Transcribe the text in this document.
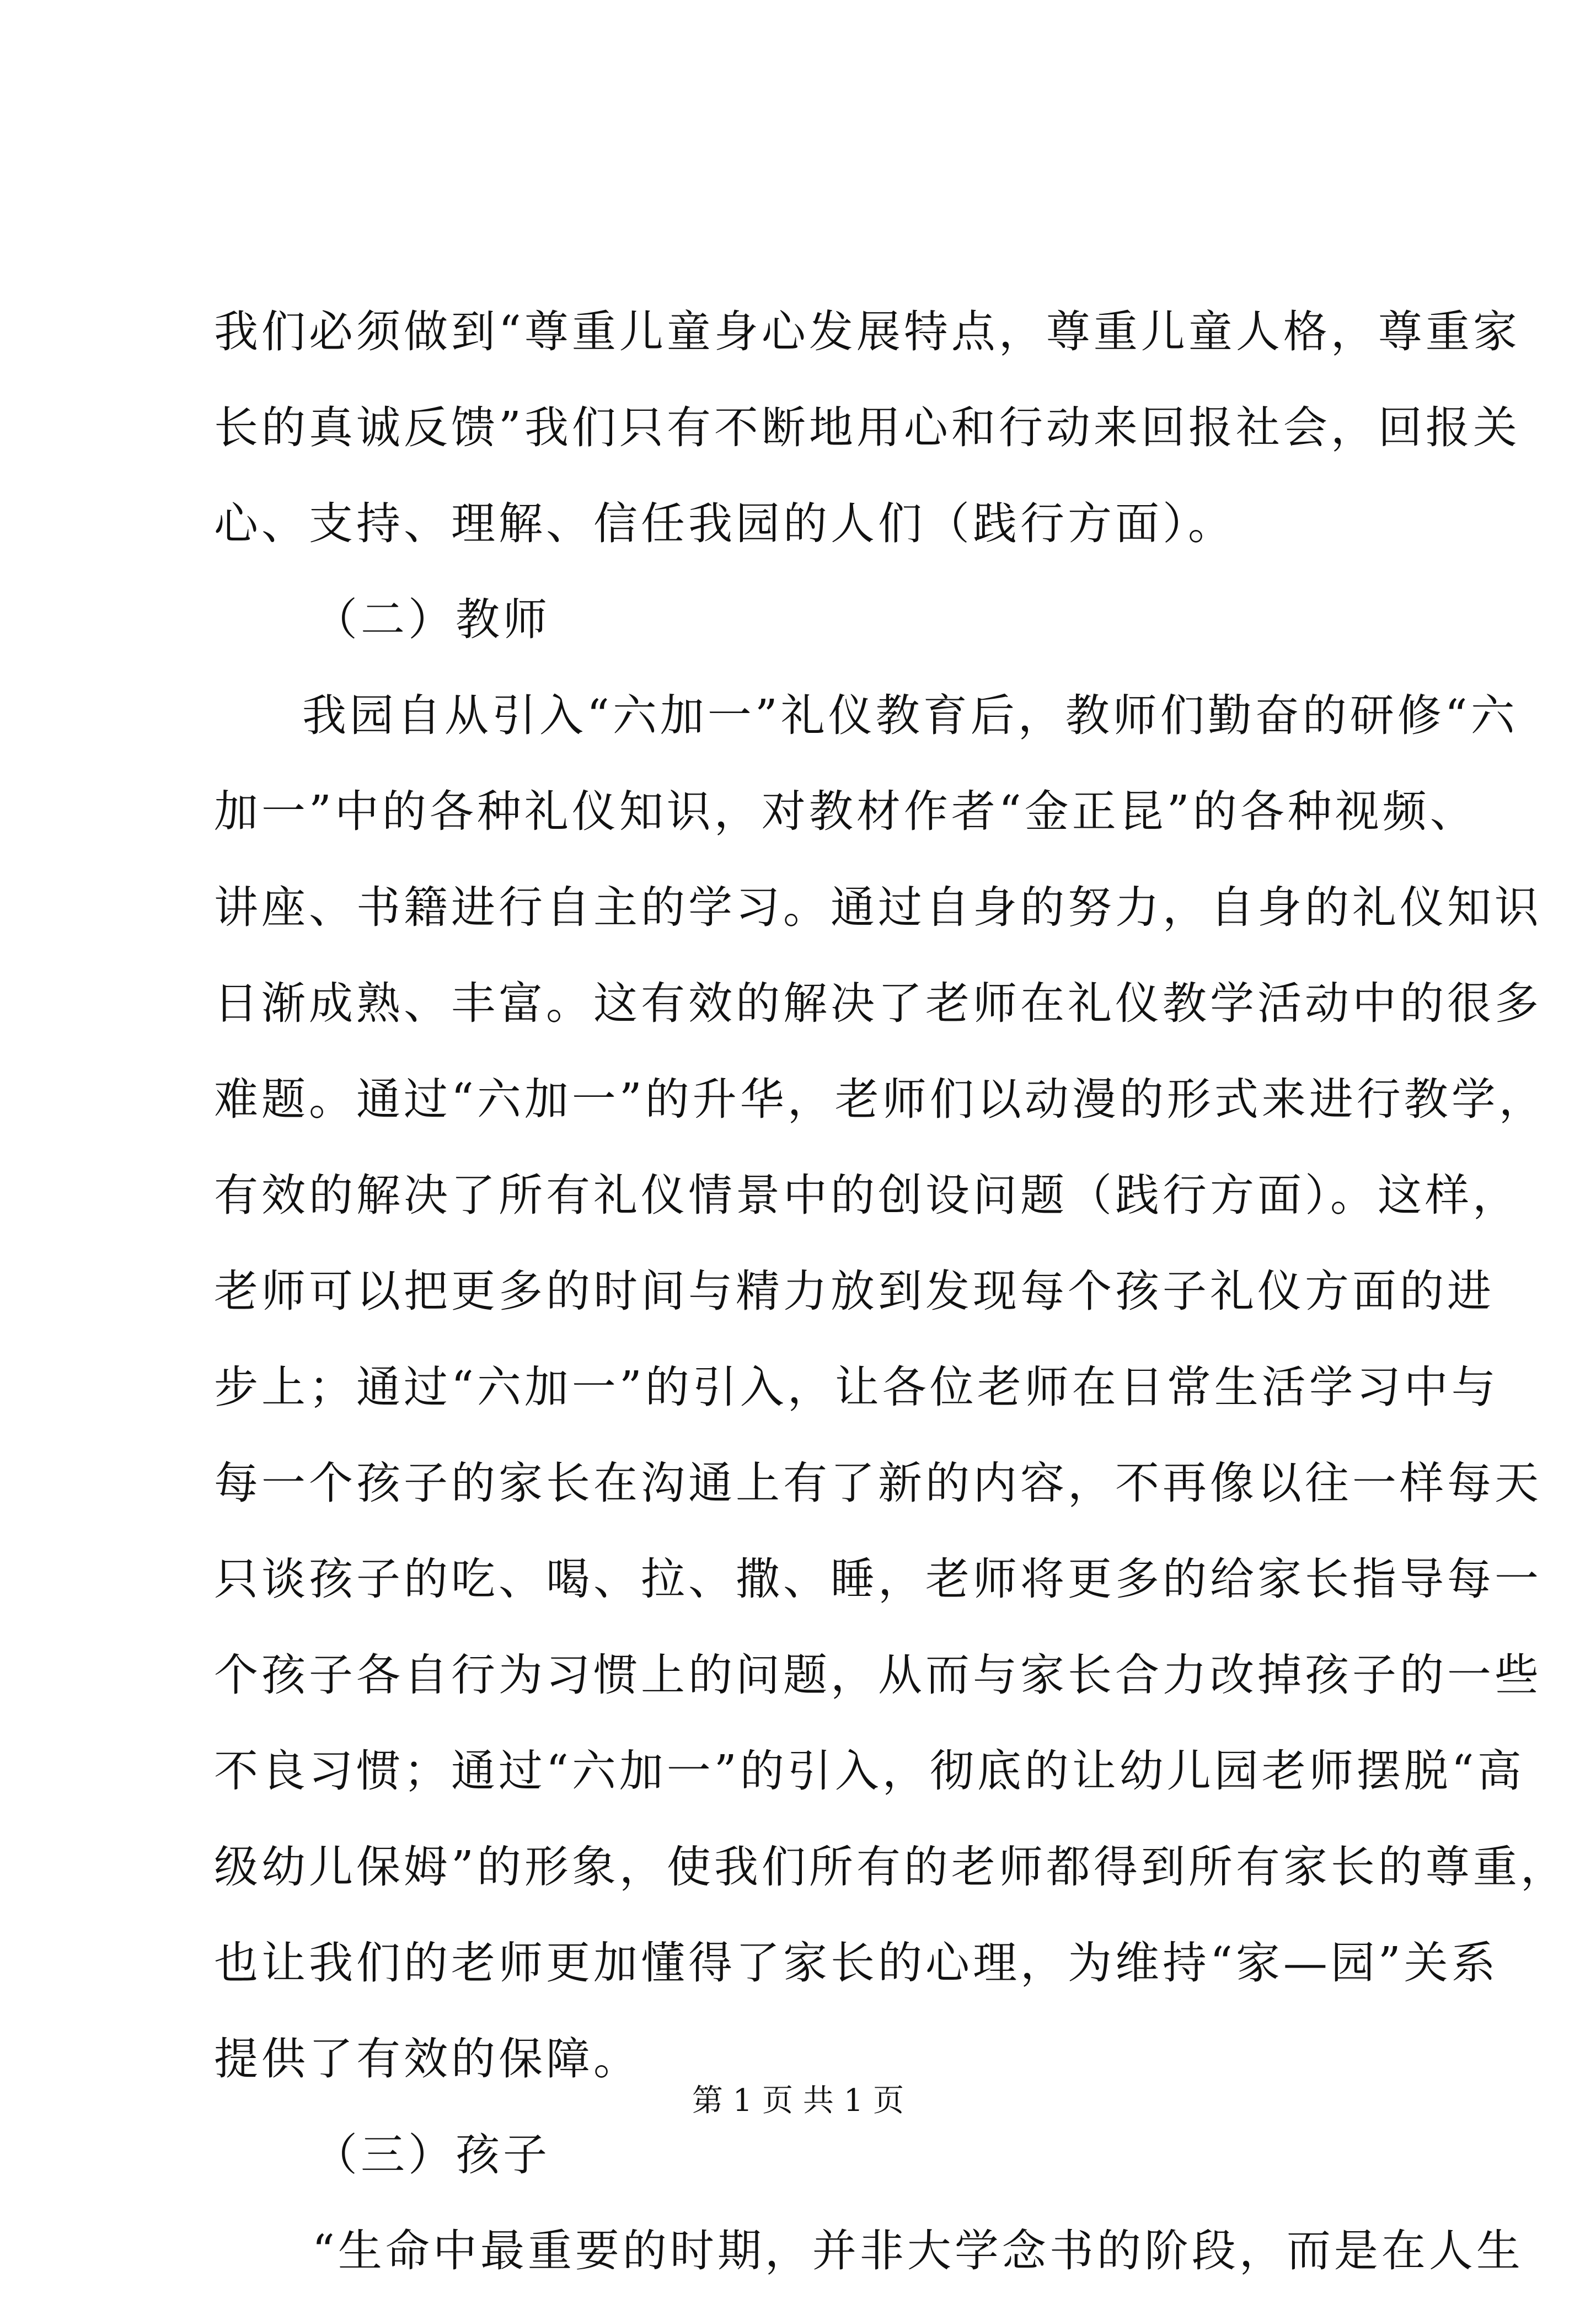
我们必须做到“尊重儿童身心发展特点，尊重儿童人格，尊重家
长的真诚反馈”我们只有不断地用心和行动来回报社会，回报关
心、支持、理解、信任我园的人们（践行方面）。
（二）教师
我园自从引入“六加一”礼仪教育后，教师们勤奋的研修“六
加一”中的各种礼仪知识，对教材作者“金正昆”的各种视频、
讲座、书籍进行自主的学习。通过自身的努力，自身的礼仪知识
日渐成熟、丰富。这有效的解决了老师在礼仪教学活动中的很多
难题。通过“六加一”的升华，老师们以动漫的形式来进行教学，
有效的解决了所有礼仪情景中的创设问题（践行方面）。这样，
老师可以把更多的时间与精力放到发现每个孩子礼仪方面的进
步上；通过“六加一”的引入，让各位老师在日常生活学习中与
每一个孩子的家长在沟通上有了新的内容，不再像以往一样每天
只谈孩子的吃、喝、拉、撒、睡，老师将更多的给家长指导每一
个孩子各自行为习惯上的问题，从而与家长合力改掉孩子的一些
不良习惯；通过“六加一”的引入，彻底的让幼儿园老师摆脱“高
级幼儿保姆”的形象，使我们所有的老师都得到所有家长的尊重，
也让我们的老师更加懂得了家长的心理，为维持“家—园”关系
提供了有效的保障。
（三）孩子
“生命中最重要的时期，并非大学念书的阶段，而是在人生
第 1 页 共 1 页
